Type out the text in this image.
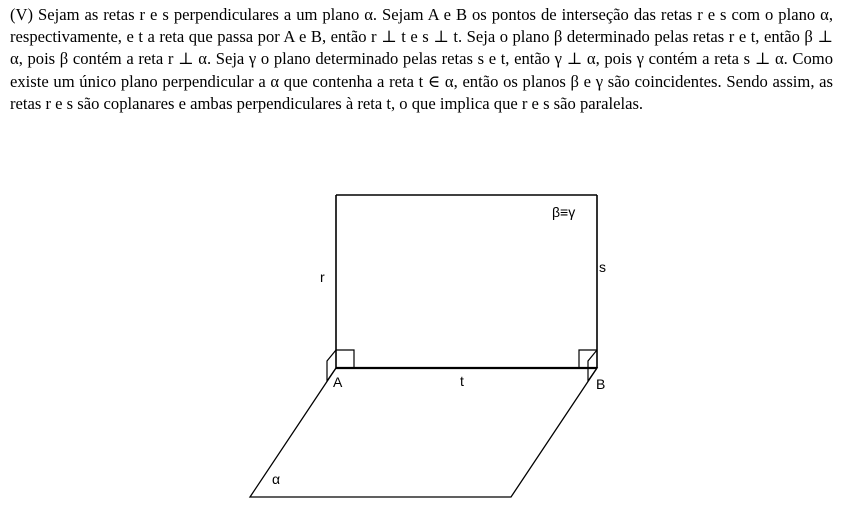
(V) Sejam as retas r e s perpendiculares a um plano α. Sejam A e B os pontos de interseção das retas r e s com o plano α, respectivamente, e t a reta que passa por A e B, então r ⊥ t e s ⊥ t. Seja o plano β determinado pelas retas r e t, então β ⊥ α, pois β contém a reta r ⊥ α. Seja γ o plano determinado pelas retas s e t, então γ ⊥ α, pois γ contém a reta s ⊥ α. Como existe um único plano perpendicular a α que contenha a reta t ∈ α, então os planos β e γ são coincidentes. Sendo assim, as retas r e s são coplanares e ambas perpendiculares à reta t, o que implica que r e s são paralelas.

β≡γ
r
s
t
A	B
α
